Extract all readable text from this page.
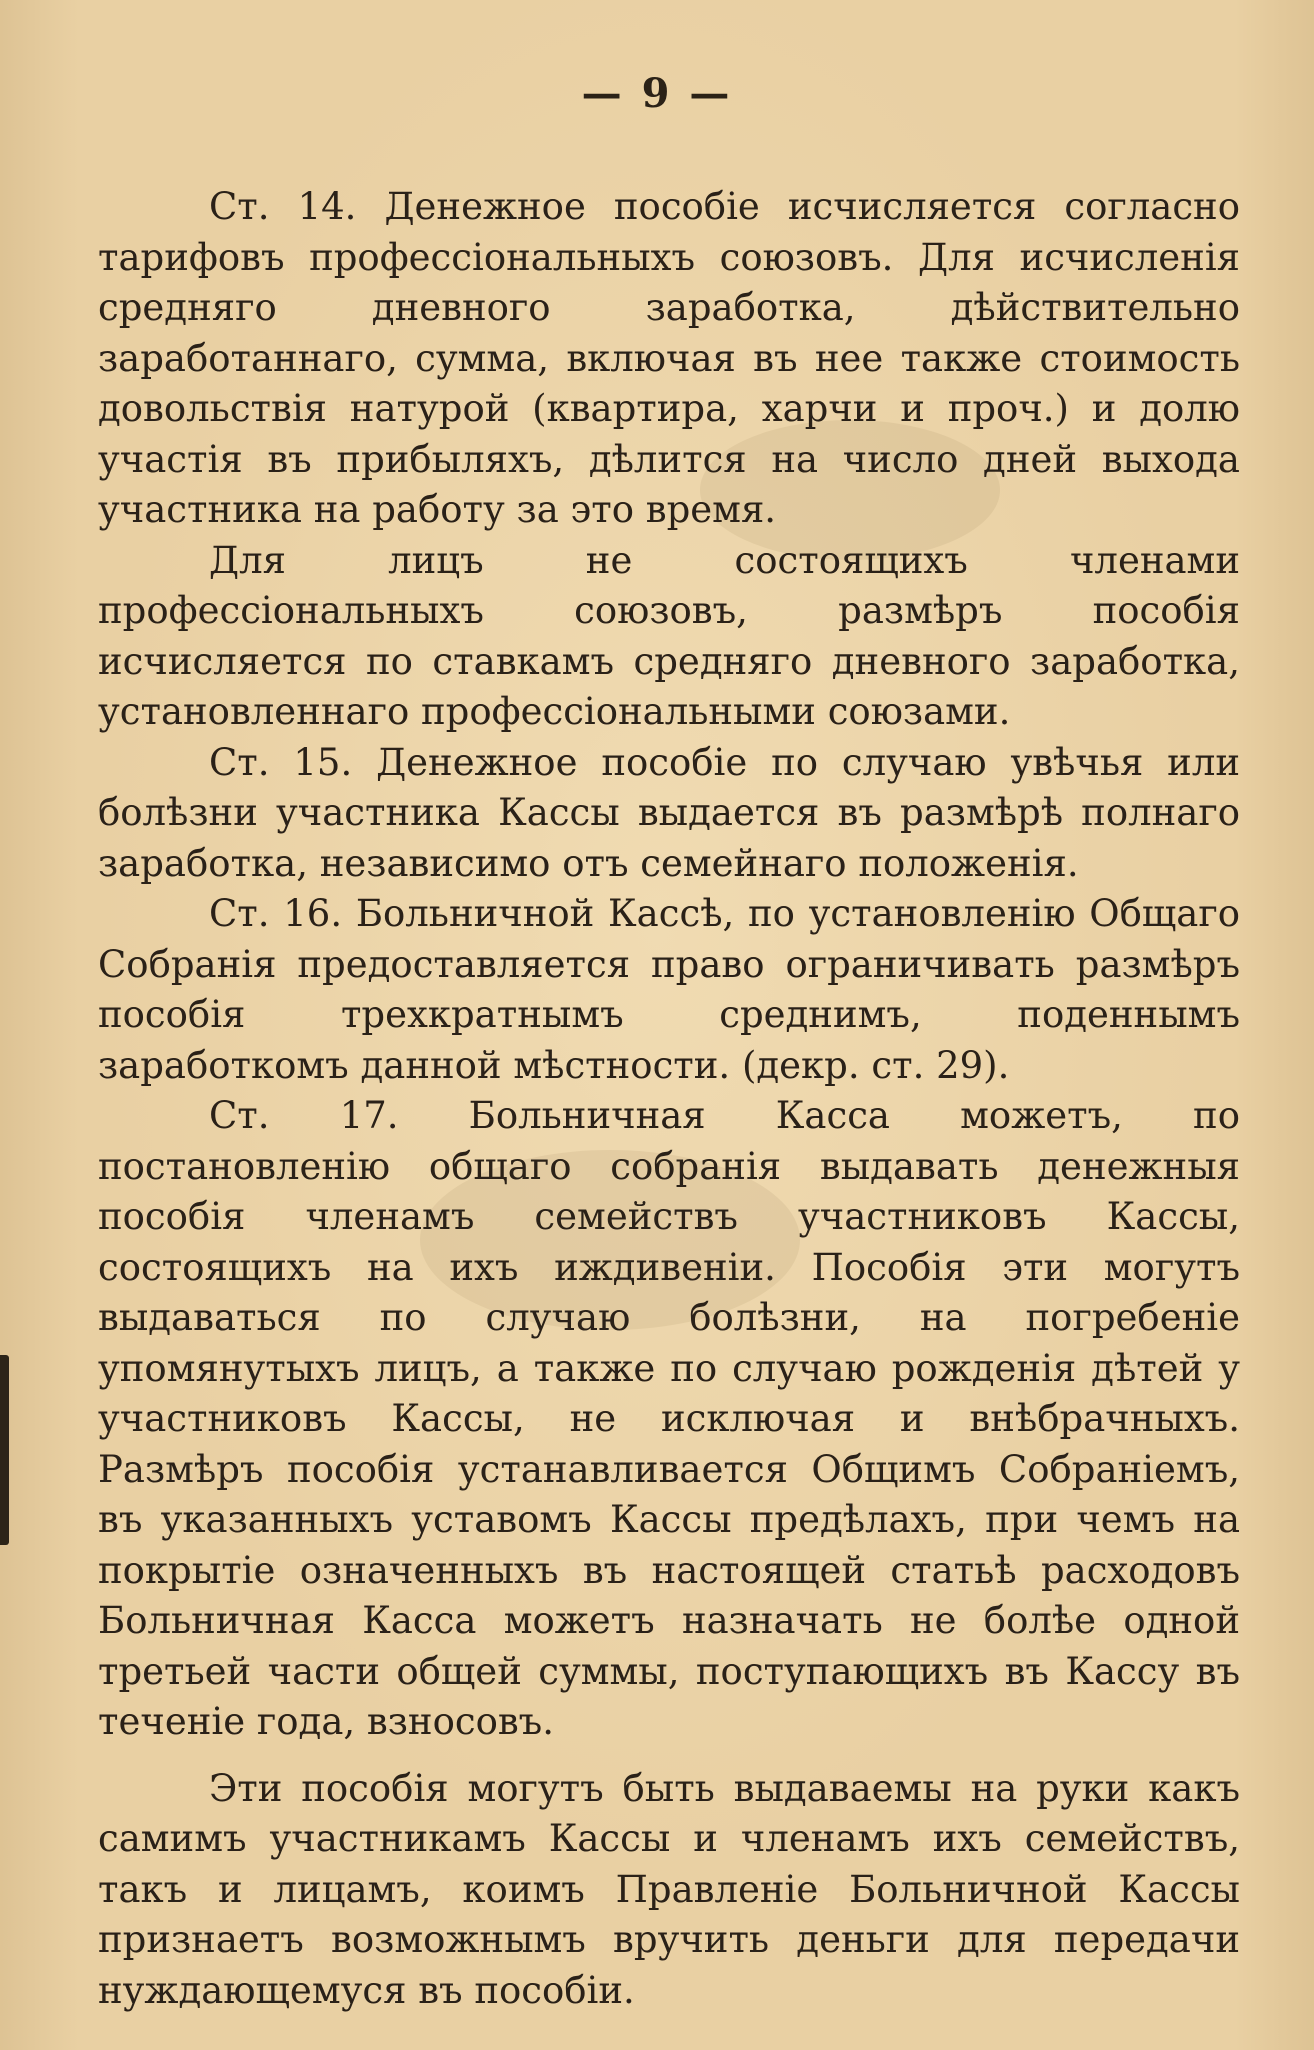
— 9 —

Ст. 14. Денежное пособіе исчисляется согласно тарифовъ профессіональныхъ союзовъ. Для исчисленія средняго дневного заработка, дѣйствительно заработаннаго, сумма, включая въ нее также стоимость довольствія натурой (квартира, харчи и проч.) и долю участія въ прибыляхъ, дѣлится на число дней выхода участника на работу за это время.

Для лицъ не состоящихъ членами профессіональныхъ союзовъ, размѣръ пособія исчисляется по ставкамъ средняго дневного заработка, установленнаго профессіональными союзами.

Ст. 15. Денежное пособіе по случаю увѣчья или болѣзни участника Кассы выдается въ размѣрѣ полнаго заработка, независимо отъ семейнаго положенія.

Ст. 16. Больничной Кассѣ, по установленію Общаго Собранія предоставляется право ограничивать размѣръ пособія трехкратнымъ среднимъ, поденнымъ заработкомъ данной мѣстности. (декр. ст. 29).

Ст. 17. Больничная Касса можетъ, по постановленію общаго собранія выдавать денежныя пособія членамъ семействъ участниковъ Кассы, состоящихъ на ихъ иждивеніи. Пособія эти могутъ выдаваться по случаю болѣзни, на погребеніе упомянутыхъ лицъ, а также по случаю рожденія дѣтей у участниковъ Кассы, не исключая и внѣбрачныхъ. Размѣръ пособія устанавливается Общимъ Собраніемъ, въ указанныхъ уставомъ Кассы предѣлахъ, при чемъ на покрытіе означенныхъ въ настоящей статьѣ расходовъ Больничная Касса можетъ назначать не болѣе одной третьей части общей суммы, поступающихъ въ Кассу въ теченіе года, взносовъ.

Эти пособія могутъ быть выдаваемы на руки какъ самимъ участникамъ Кассы и членамъ ихъ семействъ, такъ и лицамъ, коимъ Правленіе Больничной Кассы признаетъ возможнымъ вручить деньги для передачи нуждающемуся въ пособіи.
